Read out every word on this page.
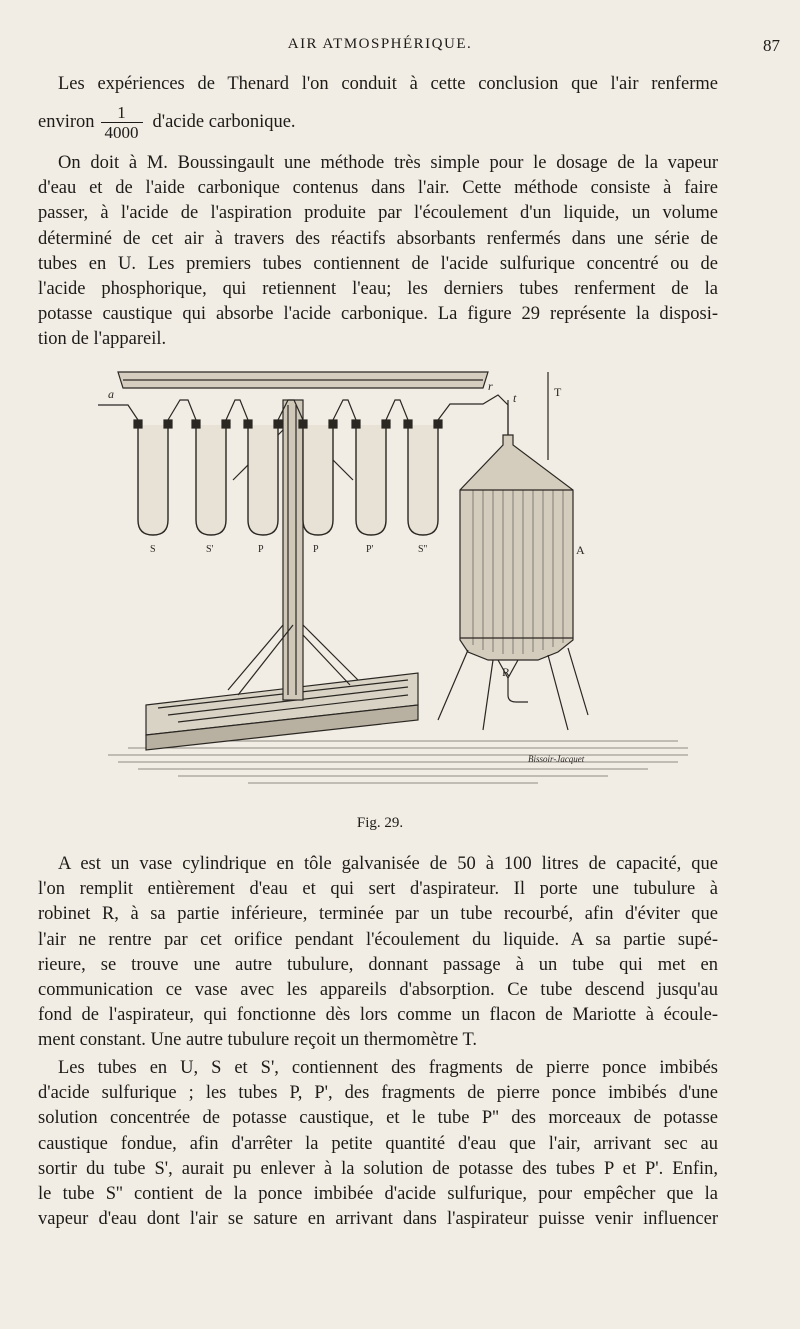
AIR ATMOSPHÉRIQUE.	87

Les expériences de Thenard l'on conduit à cette conclusion que l'air renferme

environ $\frac{1}{4000}$ d'acide carbonique.

On doit à M. Boussingault une méthode très simple pour le dosage de la vapeur
d'eau et de l'aide carbonique contenus dans l'air. Cette méthode consiste à faire
passer, à l'acide de l'aspiration produite par l'écoulement d'un liquide, un volume
déterminé de cet air à travers des réactifs absorbants renfermés dans une série de
tubes en U. Les premiers tubes contiennent de l'acide sulfurique concentré ou de
l'acide phosphorique, qui retiennent l'eau; les derniers tubes renferment de la
potasse caustique qui absorbe l'acide carbonique. La figure 29 représente la disposi-
tion de l'appareil.

a
r
t	T
A
R
S	S'	P	P	P'	S''
Bissoir-Jacquet
Fig. 29.

A est un vase cylindrique en tôle galvanisée de 50 à 100 litres de capacité, que
l'on remplit entièrement d'eau et qui sert d'aspirateur. Il porte une tubulure à
robinet R, à sa partie inférieure, terminée par un tube recourbé, afin d'éviter que
l'air ne rentre par cet orifice pendant l'écoulement du liquide. A sa partie supé-
rieure, se trouve une autre tubulure, donnant passage à un tube qui met en
communication ce vase avec les appareils d'absorption. Ce tube descend jusqu'au
fond de l'aspirateur, qui fonctionne dès lors comme un flacon de Mariotte à écoule-
ment constant. Une autre tubulure reçoit un thermomètre T.

Les tubes en U, S et S', contiennent des fragments de pierre ponce imbibés
d'acide sulfurique ; les tubes P, P', des fragments de pierre ponce imbibés d'une
solution concentrée de potasse caustique, et le tube P'' des morceaux de potasse
caustique fondue, afin d'arrêter la petite quantité d'eau que l'air, arrivant sec au
sortir du tube S', aurait pu enlever à la solution de potasse des tubes P et P'. Enfin,
le tube S'' contient de la ponce imbibée d'acide sulfurique, pour empêcher que la
vapeur d'eau dont l'air se sature en arrivant dans l'aspirateur puisse venir influencer
